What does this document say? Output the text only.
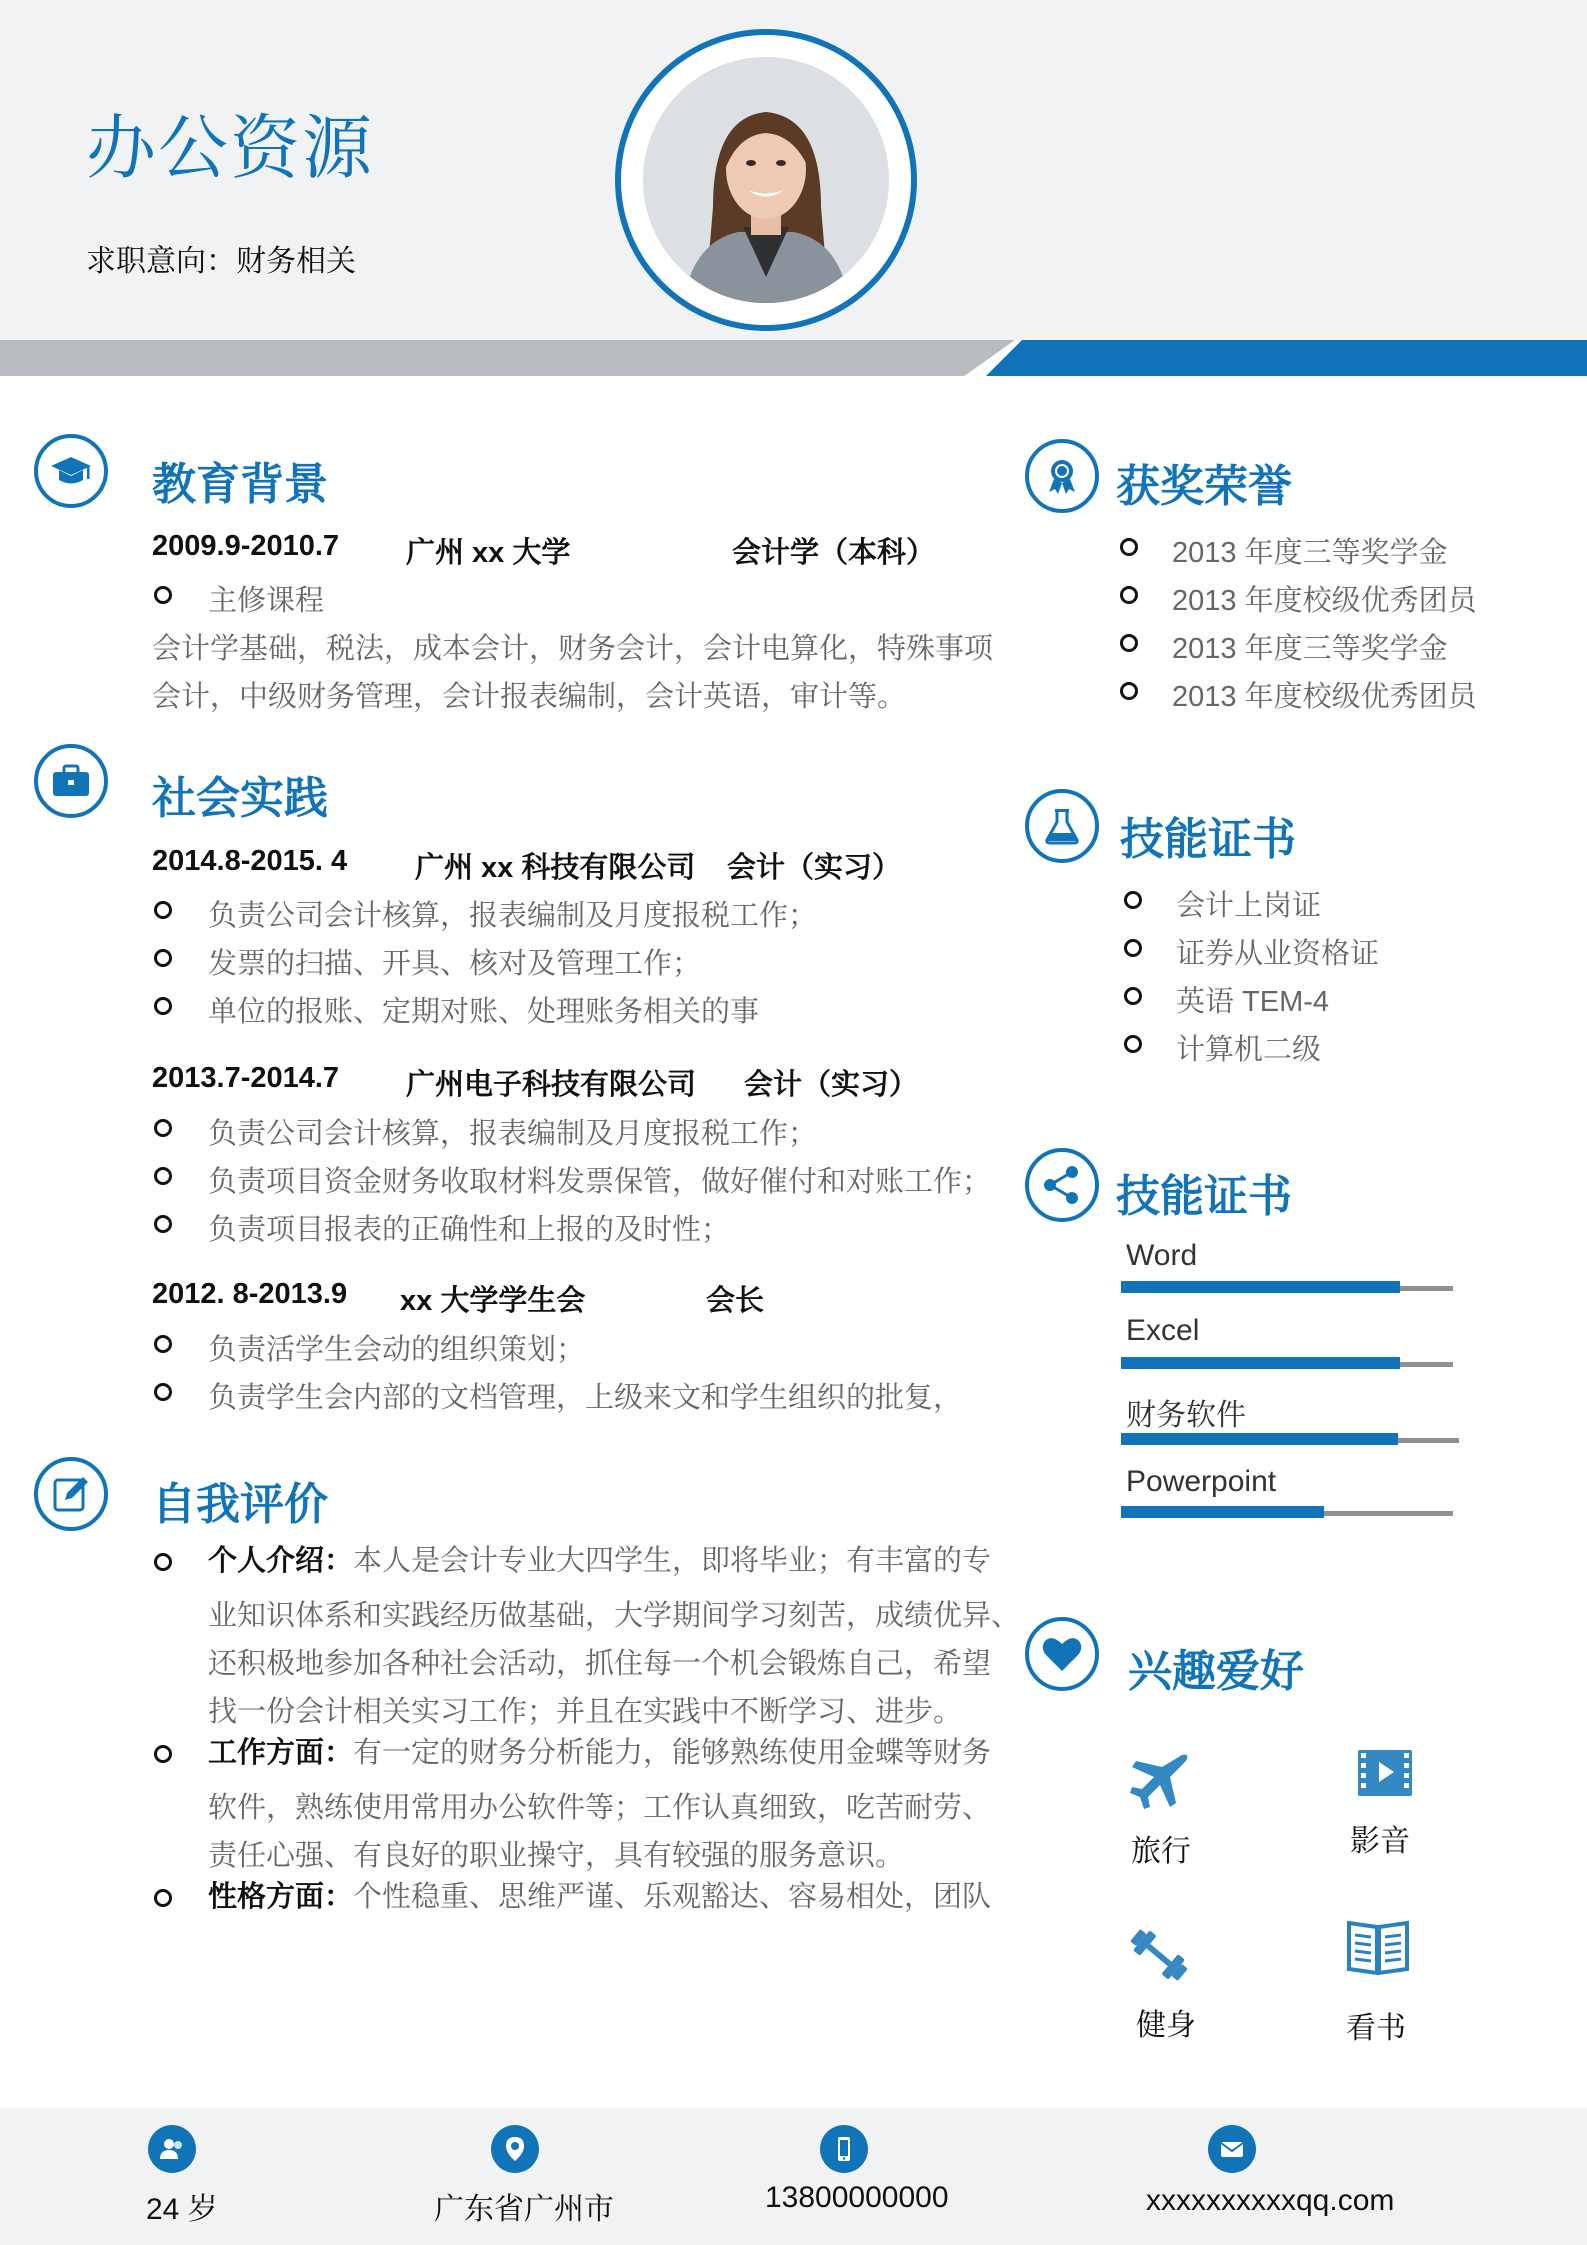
办公资源
求职意向：财务相关
教育背景
2009.9-2010.7 广州 xx 大学	会计学（本科）
主修课程
会计学基础，税法，成本会计，财务会计，会计电算化，特殊事项
会计，中级财务管理，会计报表编制，会计英语，审计等。
社会实践
2014.8-2015. 4 广州 xx 科技有限公司 会计（实习）
负责公司会计核算，报表编制及月度报税工作；
发票的扫描、开具、核对及管理工作；
单位的报账、定期对账、处理账务相关的事
2013.7-2014.7 广州电子科技有限公司 会计（实习）
负责公司会计核算，报表编制及月度报税工作；
负责项目资金财务收取材料发票保管，做好催付和对账工作；
负责项目报表的正确性和上报的及时性；
2012. 8-2013.9 xx 大学学生会	会长
负责活学生会动的组织策划；
负责学生会内部的文档管理，上级来文和学生组织的批复，
自我评价
个人介绍：本人是会计专业大四学生，即将毕业；有丰富的专
业知识体系和实践经历做基础，大学期间学习刻苦，成绩优异、
还积极地参加各种社会活动，抓住每一个机会锻炼自己，希望
找一份会计相关实习工作；并且在实践中不断学习、进步。
工作方面：有一定的财务分析能力，能够熟练使用金蝶等财务
软件，熟练使用常用办公软件等；工作认真细致，吃苦耐劳、
责任心强、有良好的职业操守，具有较强的服务意识。
性格方面：个性稳重、思维严谨、乐观豁达、容易相处，团队
获奖荣誉
2013 年度三等奖学金
2013 年度校级优秀团员
2013 年度三等奖学金
2013 年度校级优秀团员
技能证书
会计上岗证
证券从业资格证
英语 TEM-4
计算机二级
技能证书
Word
Excel
财务软件
Powerpoint
兴趣爱好
旅行	影音
健身	看书
24 岁	广东省广州市	13800000000	xxxxxxxxxxqq.com
